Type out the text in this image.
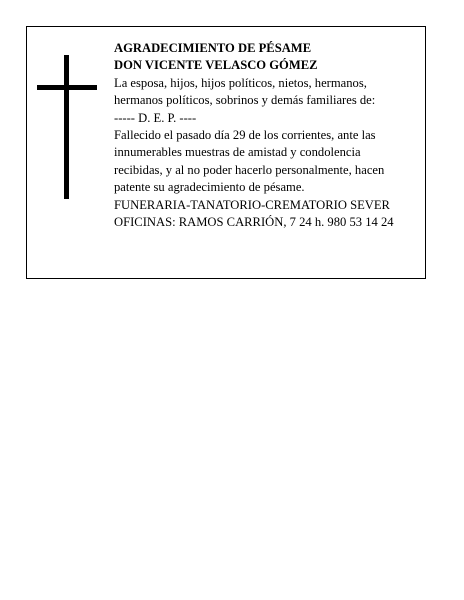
AGRADECIMIENTO DE PÉSAME
DON VICENTE VELASCO GÓMEZ
La esposa, hijos, hijos políticos, nietos, hermanos,
hermanos políticos, sobrinos y demás familiares de:
----- D. E. P. ----
Fallecido el pasado día 29 de los corrientes, ante las
innumerables muestras de amistad y condolencia
recibidas, y al no poder hacerlo personalmente, hacen
patente su agradecimiento de pésame.
FUNERARIA-TANATORIO-CREMATORIO SEVER
OFICINAS: RAMOS CARRIÓN, 7 24 h. 980 53 14 24
